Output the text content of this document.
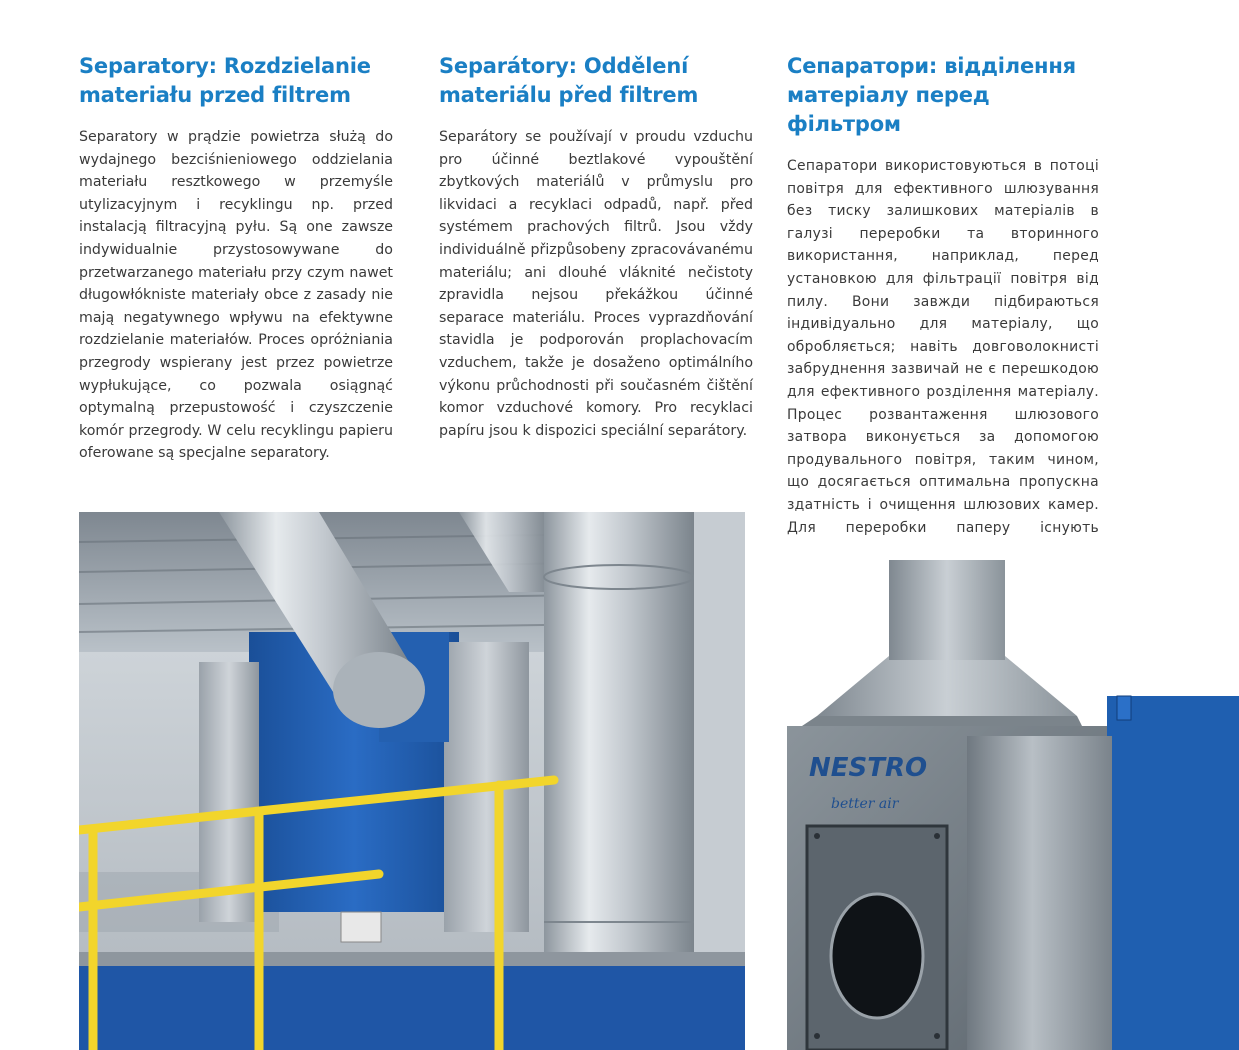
Separatory: Rozdzielanie
materiału przed filtrem

Separatory w prądzie powietrza służą do wydajnego bezciśnieniowego oddzielania materiału resztkowego w przemyśle utylizacyjnym i recyklingu np. przed instalacją filtracyjną pyłu. Są one zawsze indywidualnie przystosowywane do przetwarzanego materiału przy czym nawet długowłókniste materiały obce z zasady nie mają negatywnego wpływu na efektywne rozdzielanie materiałów. Proces opróżniania przegrody wspierany jest przez powietrze wypłukujące, co pozwala osiągnąć optymalną przepustowość i czyszczenie komór przegrody. W celu recyklingu papieru oferowane są specjalne separatory.

Separátory: Oddělení
materiálu před filtrem

Separátory se používají v proudu vzduchu pro účinné beztlakové vypouštění zbytkových materiálů v průmyslu pro likvidaci a recyklaci odpadů, např. před systémem prachových filtrů. Jsou vždy individuálně přizpůsobeny zpracovávanému materiálu; ani dlouhé vláknité nečistoty zpravidla nejsou překážkou účinné separace materiálu. Proces vyprazdňování stavidla je podporován proplachovacím vzduchem, takže je dosaženo optimálního výkonu průchodnosti při současném čištění komor vzduchové komory. Pro recyklaci papíru jsou k dispozici speciální separátory.

Сепаратори: відділення
матеріалу перед фільтром

Сепаратори використовуються в потоці повітря для ефективного шлюзування без тиску залишкових матеріалів в галузі переробки та вторинного використання, наприклад, перед установкою для фільтрації повітря від пилу. Вони завжди підбираються індивідуально для матеріалу, що обробляється; навіть довговолокнисті забруднення зазвичай не є перешкодою для ефективного розділення матеріалу. Процес розвантаження шлюзового затвора виконується за допомогою продувального повітря, таким чином, що досягається оптимальна пропускна здатність і очищення шлюзових камер. Для переробки паперу існують

NESTRO
better air
